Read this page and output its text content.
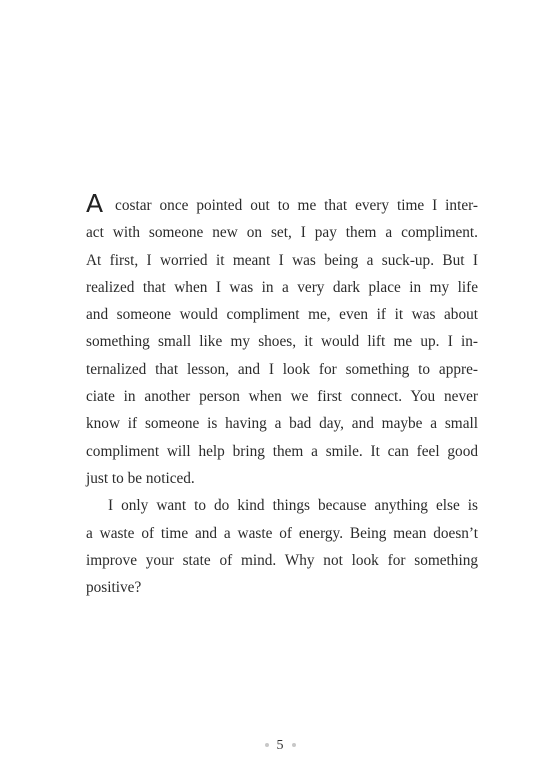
A costar once pointed out to me that every time I inter-
act with someone new on set, I pay them a compliment.
At first, I worried it meant I was being a suck-up. But I
realized that when I was in a very dark place in my life
and someone would compliment me, even if it was about
something small like my shoes, it would lift me up. I in-
ternalized that lesson, and I look for something to appre-
ciate in another person when we first connect. You never
know if someone is having a bad day, and maybe a small
compliment will help bring them a smile. It can feel good
just to be noticed.
I only want to do kind things because anything else is
a waste of time and a waste of energy. Being mean doesn’t
improve your state of mind. Why not look for something
positive?
5
